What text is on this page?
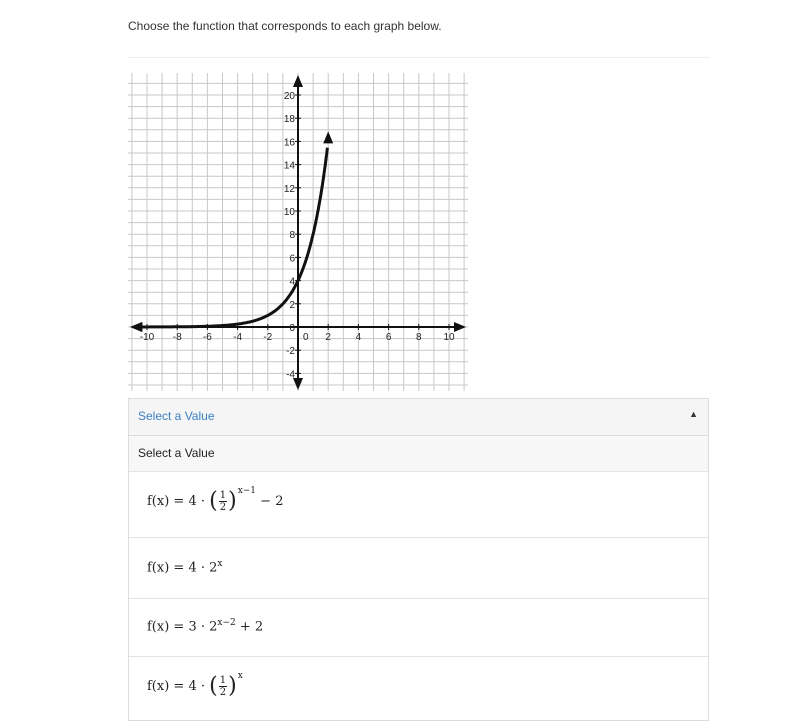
Choose the function that corresponds to each graph below.
-10 -8 -6 -4 -2	0 2 4 6 8 10
-4
-2
0
2
4
6
8
10
12
14
16
18
20
Select a Value	▲
Select a Value
f(x) = 4 · ( $\frac{1}{2} )^{x-1} - 2$
$f(x) = 4 \cdot 2^x$
$f(x) = 3 \cdot 2^{x-2} + 2$
f(x) = 4 · ( $\frac{1}{2} )^x$
